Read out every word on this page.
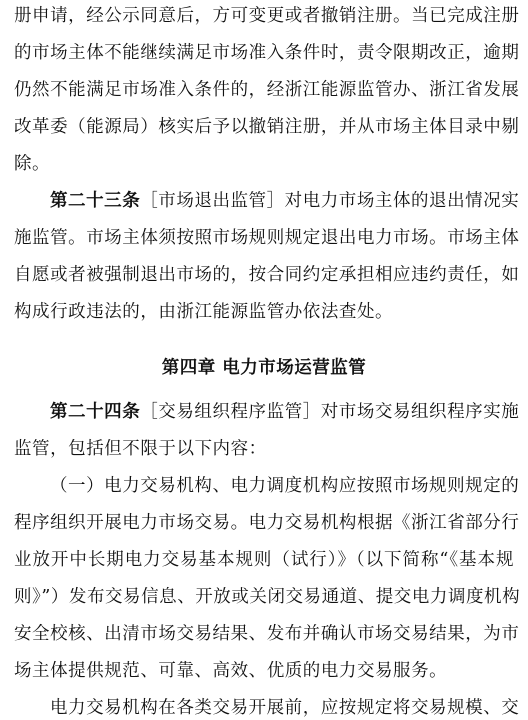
册申请，经公示同意后，方可变更或者撤销注册。当已完成注册
的市场主体不能继续满足市场准入条件时，责令限期改正，逾期
仍然不能满足市场准入条件的，经浙江能源监管办、浙江省发展
改革委（能源局）核实后予以撤销注册，并从市场主体目录中剔
除。
第二十三条［市场退出监管］对电力市场主体的退出情况实
施监管。市场主体须按照市场规则规定退出电力市场。市场主体
自愿或者被强制退出市场的，按合同约定承担相应违约责任，如
构成行政违法的，由浙江能源监管办依法查处。
第四章 电力市场运营监管
第二十四条［交易组织程序监管］对市场交易组织程序实施
监管，包括但不限于以下内容：
（一）电力交易机构、电力调度机构应按照市场规则规定的
程序组织开展电力市场交易。电力交易机构根据《浙江省部分行
业放开中长期电力交易基本规则（试行）》（以下简称“《基本规
则》”）发布交易信息、开放或关闭交易通道、提交电力调度机构
安全校核、出清市场交易结果、发布并确认市场交易结果，为市
场主体提供规范、可靠、高效、优质的电力交易服务。
电力交易机构在各类交易开展前，应按规定将交易规模、交
